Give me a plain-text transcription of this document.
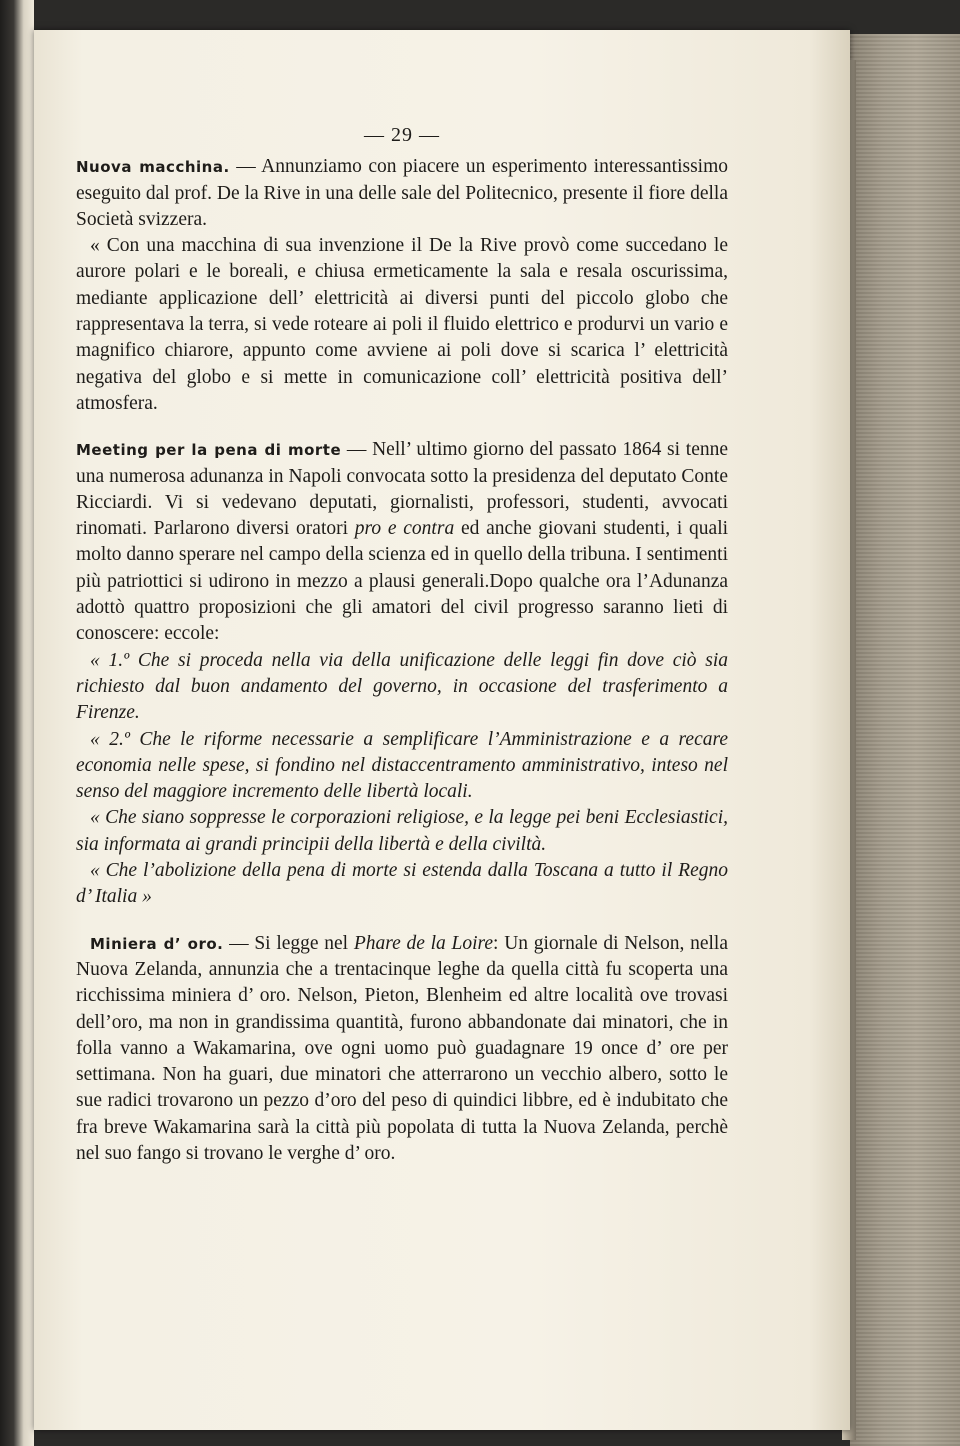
— 29 —

Nuova macchina. — Annunziamo con piacere un esperimento interessantissimo eseguito dal prof. De la Rive in una delle sale del Politecnico, presente il fiore della Società svizzera.

« Con una macchina di sua invenzione il De la Rive provò come succedano le aurore polari e le boreali, e chiusa ermeticamente la sala e resala oscurissima, mediante applicazione dell’ elettricità ai diversi punti del piccolo globo che rappresentava la terra, si vede roteare ai poli il fluido elettrico e produrvi un vario e magnifico chiarore, appunto come avviene ai poli dove si scarica l’ elettricità negativa del globo e si mette in comunicazione coll’ elettricità positiva dell’ atmosfera.

Meeting per la pena di morte — Nell’ ultimo giorno del passato 1864 si tenne una numerosa adunanza in Napoli convocata sotto la presidenza del deputato Conte Ricciardi. Vi si vedevano deputati, giornalisti, professori, studenti, avvocati rinomati. Parlarono diversi oratori pro e contra ed anche giovani studenti, i quali molto danno sperare nel campo della scienza ed in quello della tribuna. I sentimenti più patriottici si udirono in mezzo a plausi generali.Dopo qualche ora l’Adunanza adottò quattro proposizioni che gli amatori del civil progresso saranno lieti di conoscere: eccole:

« 1.º Che si proceda nella via della unificazione delle leggi fin dove ciò sia richiesto dal buon andamento del governo, in occasione del trasferimento a Firenze.

« 2.º Che le riforme necessarie a semplificare l’Amministrazione e a recare economia nelle spese, si fondino nel distaccentramento amministrativo, inteso nel senso del maggiore incremento delle libertà locali.

« Che siano soppresse le corporazioni religiose, e la legge pei beni Ecclesiastici, sia informata ai grandi principii della libertà e della civiltà.

« Che l’abolizione della pena di morte si estenda dalla Toscana a tutto il Regno d’ Italia »

Miniera d’ oro. — Si legge nel Phare de la Loire: Un giornale di Nelson, nella Nuova Zelanda, annunzia che a trentacinque leghe da quella città fu scoperta una ricchissima miniera d’ oro. Nelson, Pieton, Blenheim ed altre località ove trovasi dell’oro, ma non in grandissima quantità, furono abbandonate dai minatori, che in folla vanno a Wakamarina, ove ogni uomo può guadagnare 19 once d’ ore per settimana. Non ha guari, due minatori che atterrarono un vecchio albero, sotto le sue radici trovarono un pezzo d’oro del peso di quindici libbre, ed è indubitato che fra breve Wakamarina sarà la città più popolata di tutta la Nuova Zelanda, perchè nel suo fango si trovano le verghe d’ oro.
